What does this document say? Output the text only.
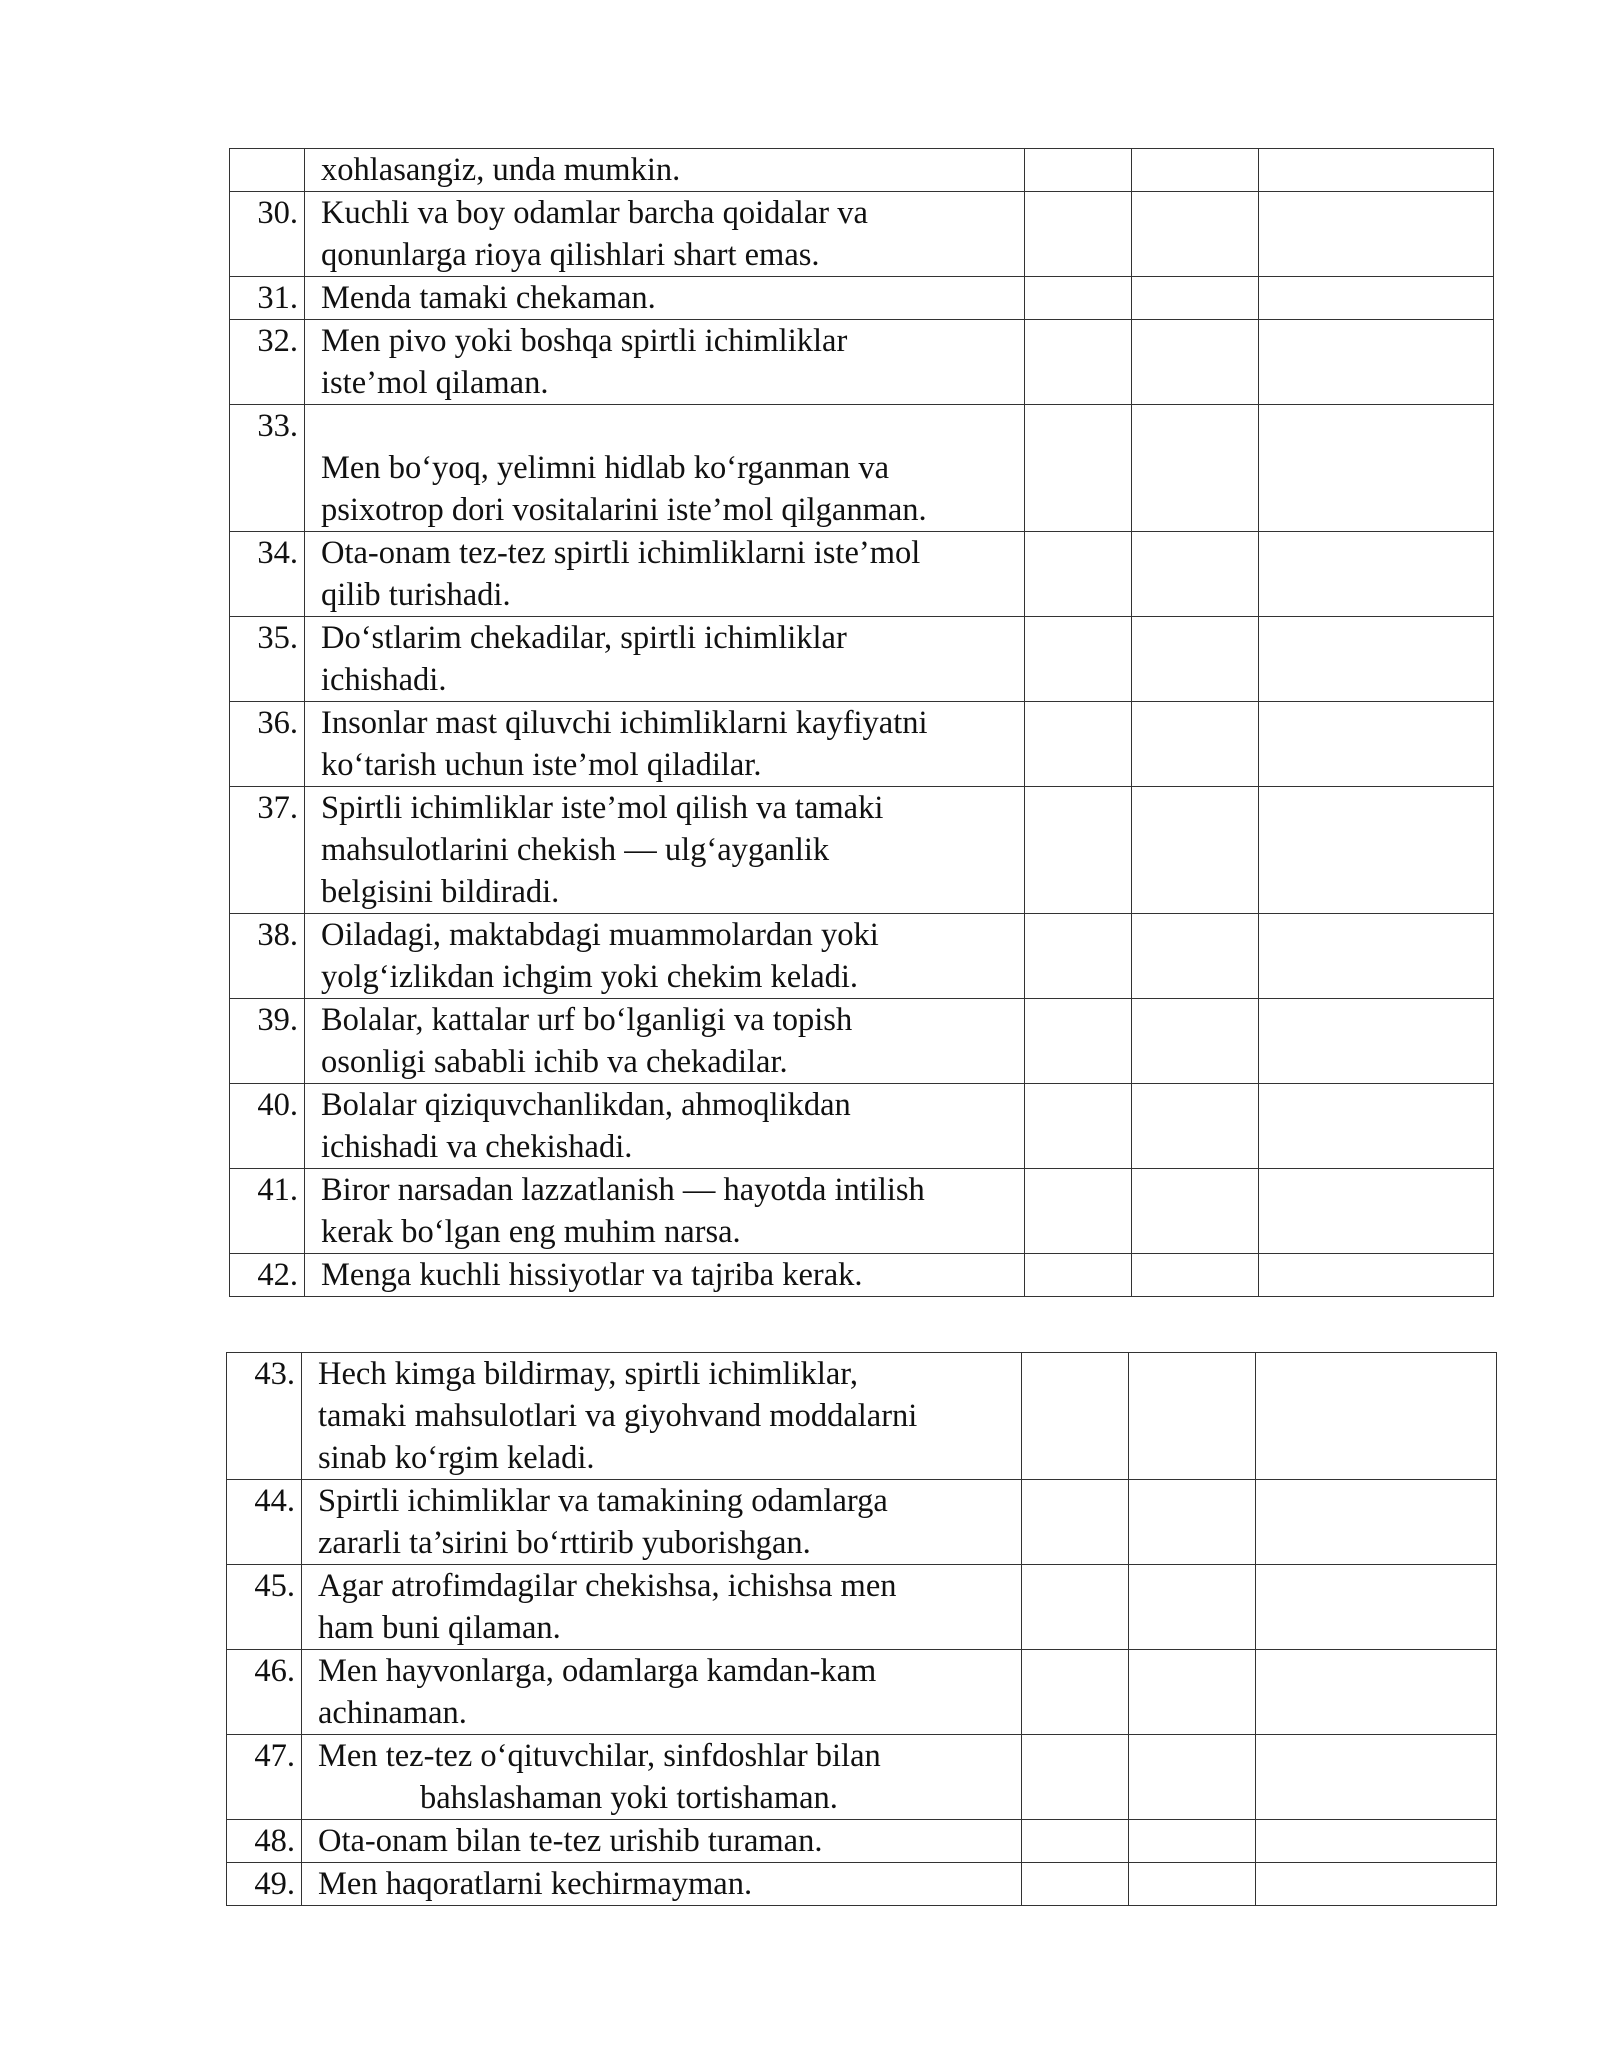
	xohlasangiz, unda mumkin.			
30.	Kuchli va boy odamlar barcha qoidalar va
qonunlarga rioya qilishlari shart emas.			
31.	Menda tamaki chekaman.			
32.	Men pivo yoki boshqa spirtli ichimliklar
iste’mol qilaman.			
33.	Men bo‘yoq, yelimni hidlab ko‘rganman va
psixotrop dori vositalarini iste’mol qilganman.			
34.	Ota-onam tez-tez spirtli ichimliklarni iste’mol
qilib turishadi.			
35.	Do‘stlarim chekadilar, spirtli ichimliklar
ichishadi.			
36.	Insonlar mast qiluvchi ichimliklarni kayfiyatni
ko‘tarish uchun iste’mol qiladilar.			
37.	Spirtli ichimliklar iste’mol qilish va tamaki
mahsulotlarini chekish — ulg‘ayganlik
belgisini bildiradi.			
38.	Oiladagi, maktabdagi muammolardan yoki
yolg‘izlikdan ichgim yoki chekim keladi.			
39.	Bolalar, kattalar urf bo‘lganligi va topish
osonligi sababli ichib va chekadilar.			
40.	Bolalar qiziquvchanlikdan, ahmoqlikdan
ichishadi va chekishadi.			
41.	Biror narsadan lazzatlanish — hayotda intilish
kerak bo‘lgan eng muhim narsa.			
42.	Menga kuchli hissiyotlar va tajriba kerak.			
43.	Hech kimga bildirmay, spirtli ichimliklar,
tamaki mahsulotlari va giyohvand moddalarni
sinab ko‘rgim keladi.			
44.	Spirtli ichimliklar va tamakining odamlarga
zararli ta’sirini bo‘rttirib yuborishgan.			
45.	Agar atrofimdagilar chekishsa, ichishsa men
ham buni qilaman.			
46.	Men hayvonlarga, odamlarga kamdan-kam
achinaman.			
47.	Men tez-tez o‘qituvchilar, sinfdoshlar bilan
bahslashaman yoki tortishaman.			
48.	Ota-onam bilan te-tez urishib turaman.			
49.	Men haqoratlarni kechirmayman.			
